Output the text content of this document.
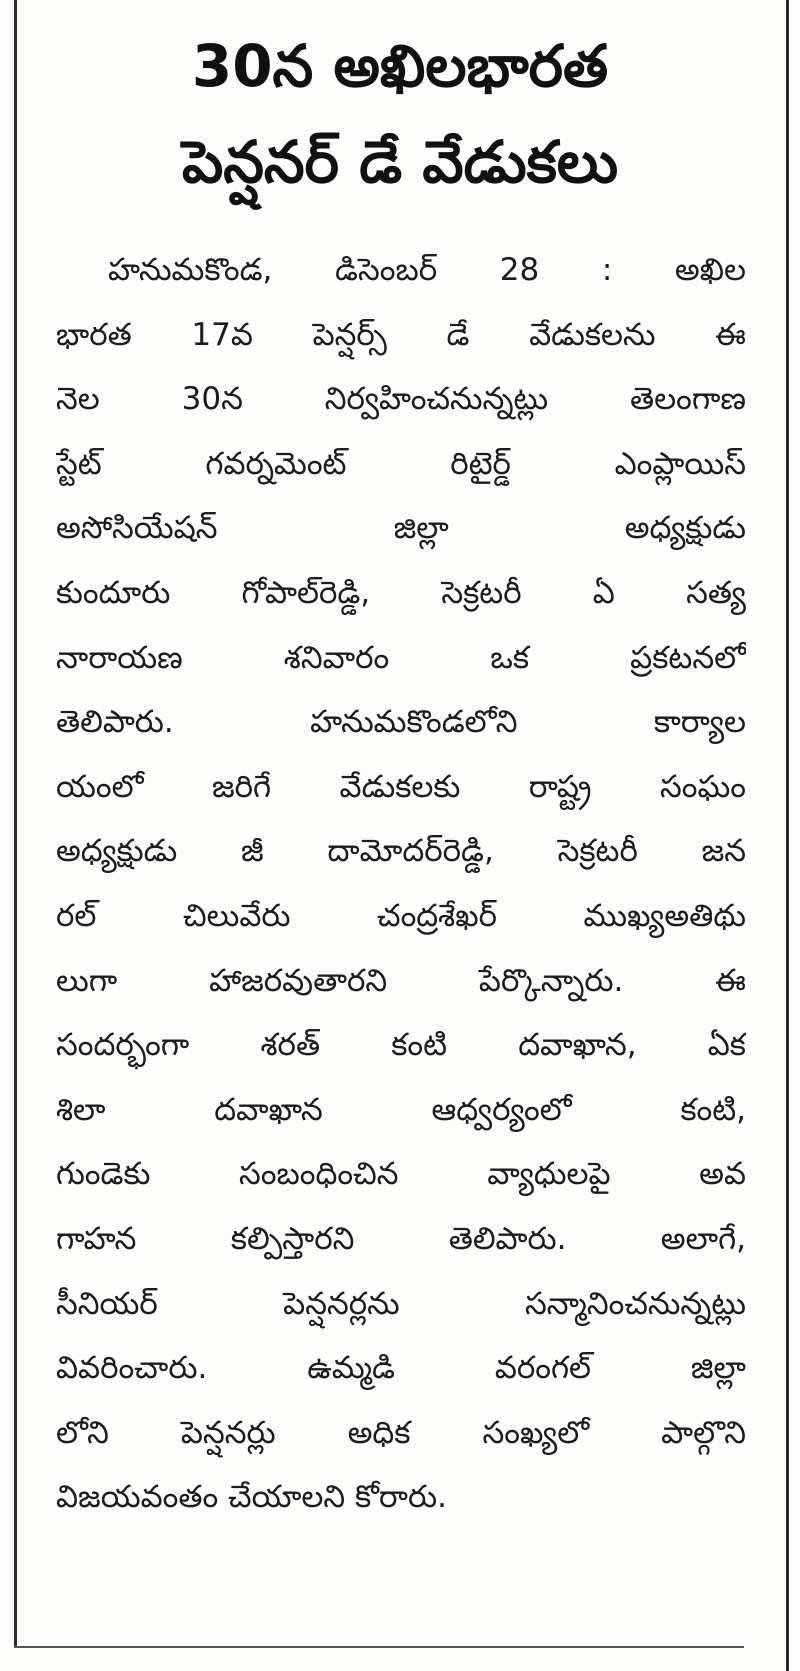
30న అఖిలభారత
పెన్షనర్ డే వేడుకలు
హనుమకొండ, డిసెంబర్ 28 : అఖిల
భారత 17వ పెన్షర్స్ డే వేడుకలను ఈ
నెల 30న నిర్వహించనున్నట్లు తెలంగాణ
స్టేట్ గవర్నమెంట్ రిటైర్డ్ ఎంప్లాయిస్
అసోసియేషన్ జిల్లా అధ్యక్షుడు
కుందూరు గోపాల్‌రెడ్డి, సెక్రటరీ ఏ సత్య
నారాయణ శనివారం ఒక ప్రకటనలో
తెలిపారు. హనుమకొండలోని కార్యాల
యంలో జరిగే వేడుకలకు రాష్ట్ర సంఘం
అధ్యక్షుడు జీ దామోదర్‌రెడ్డి, సెక్రటరీ జన
రల్ చిలువేరు చంద్రశేఖర్ ముఖ్యఅతిథు
లుగా హాజరవుతారని పేర్కొన్నారు. ఈ
సందర్భంగా శరత్ కంటి దవాఖాన, ఏక
శిలా దవాఖాన ఆధ్వర్యంలో కంటి,
గుండెకు సంబంధించిన వ్యాధులపై అవ
గాహన కల్పిస్తారని తెలిపారు. అలాగే,
సీనియర్ పెన్షనర్లను సన్మానించనున్నట్లు
వివరించారు. ఉమ్మడి వరంగల్ జిల్లా
లోని పెన్షనర్లు అధిక సంఖ్యలో పాల్గొని
విజయవంతం చేయాలని కోరారు.
